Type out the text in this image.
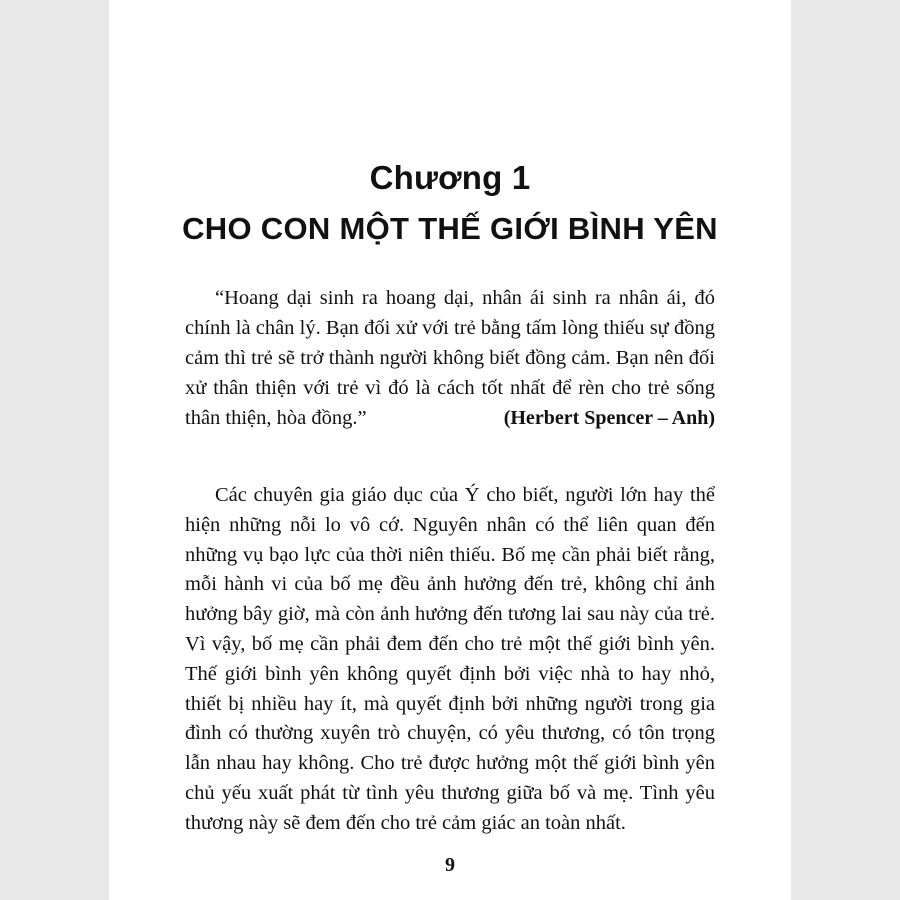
Chương 1
CHO CON MỘT THẾ GIỚI BÌNH YÊN

“Hoang dại sinh ra hoang dại, nhân ái sinh ra nhân ái, đó chính là chân lý. Bạn đối xử với trẻ bằng tấm lòng thiếu sự đồng cảm thì trẻ sẽ trở thành người không biết đồng cảm. Bạn nên đối xử thân thiện với trẻ vì đó là cách tốt nhất để rèn cho trẻ sống thân thiện, hòa đồng.”	(Herbert Spencer – Anh)

Các chuyên gia giáo dục của Ý cho biết, người lớn hay thể hiện những nỗi lo vô cớ. Nguyên nhân có thể liên quan đến những vụ bạo lực của thời niên thiếu. Bố mẹ cần phải biết rằng, mỗi hành vi của bố mẹ đều ảnh hưởng đến trẻ, không chỉ ảnh hưởng bây giờ, mà còn ảnh hưởng đến tương lai sau này của trẻ. Vì vậy, bố mẹ cần phải đem đến cho trẻ một thế giới bình yên. Thế giới bình yên không quyết định bởi việc nhà to hay nhỏ, thiết bị nhiều hay ít, mà quyết định bởi những người trong gia đình có thường xuyên trò chuyện, có yêu thương, có tôn trọng lẫn nhau hay không. Cho trẻ được hưởng một thế giới bình yên chủ yếu xuất phát từ tình yêu thương giữa bố và mẹ. Tình yêu thương này sẽ đem đến cho trẻ cảm giác an toàn nhất.

9
